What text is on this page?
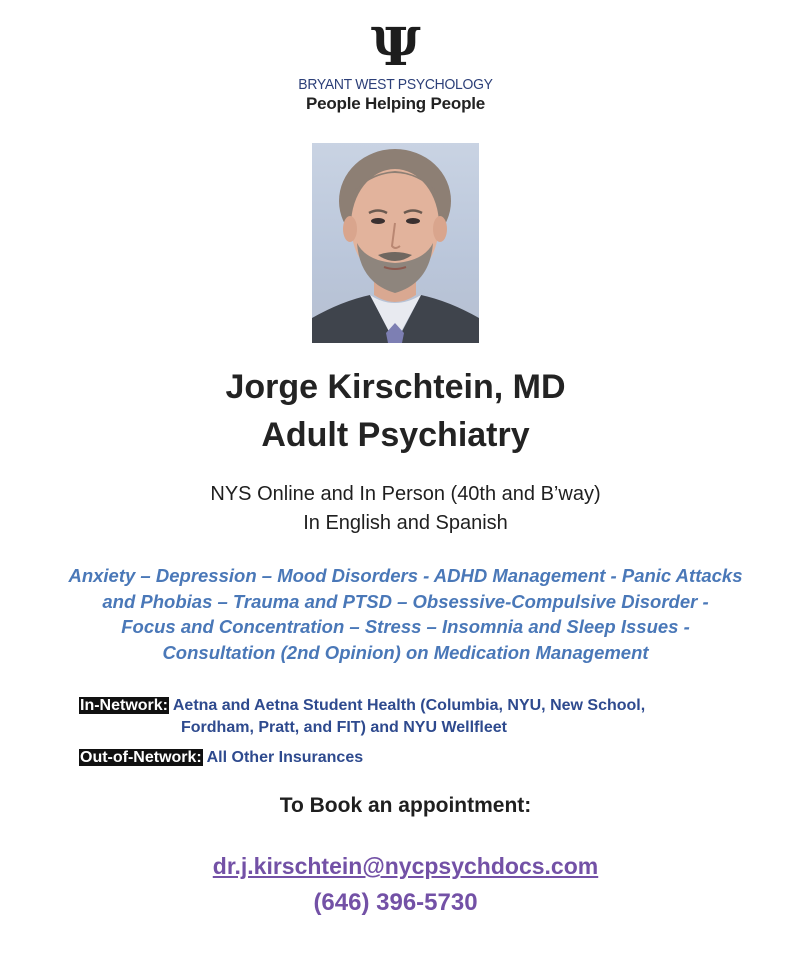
Ψ
BRYANT WEST PSYCHOLOGY
People Helping People
Jorge Kirschtein, MD
Adult Psychiatry
NYS Online and In Person (40th and B’way)
In English and Spanish
Anxiety – Depression – Mood Disorders - ADHD Management - Panic Attacks
and Phobias – Trauma and PTSD – Obsessive-Compulsive Disorder -
Focus and Concentration – Stress – Insomnia and Sleep Issues -
Consultation (2nd Opinion) on Medication Management
In-Network: Aetna and Aetna Student Health (Columbia, NYU, New School,
Fordham, Pratt, and FIT) and NYU Wellfleet
Out-of-Network: All Other Insurances
To Book an appointment:
dr.j.kirschtein@nycpsychdocs.com
(646) 396-5730
